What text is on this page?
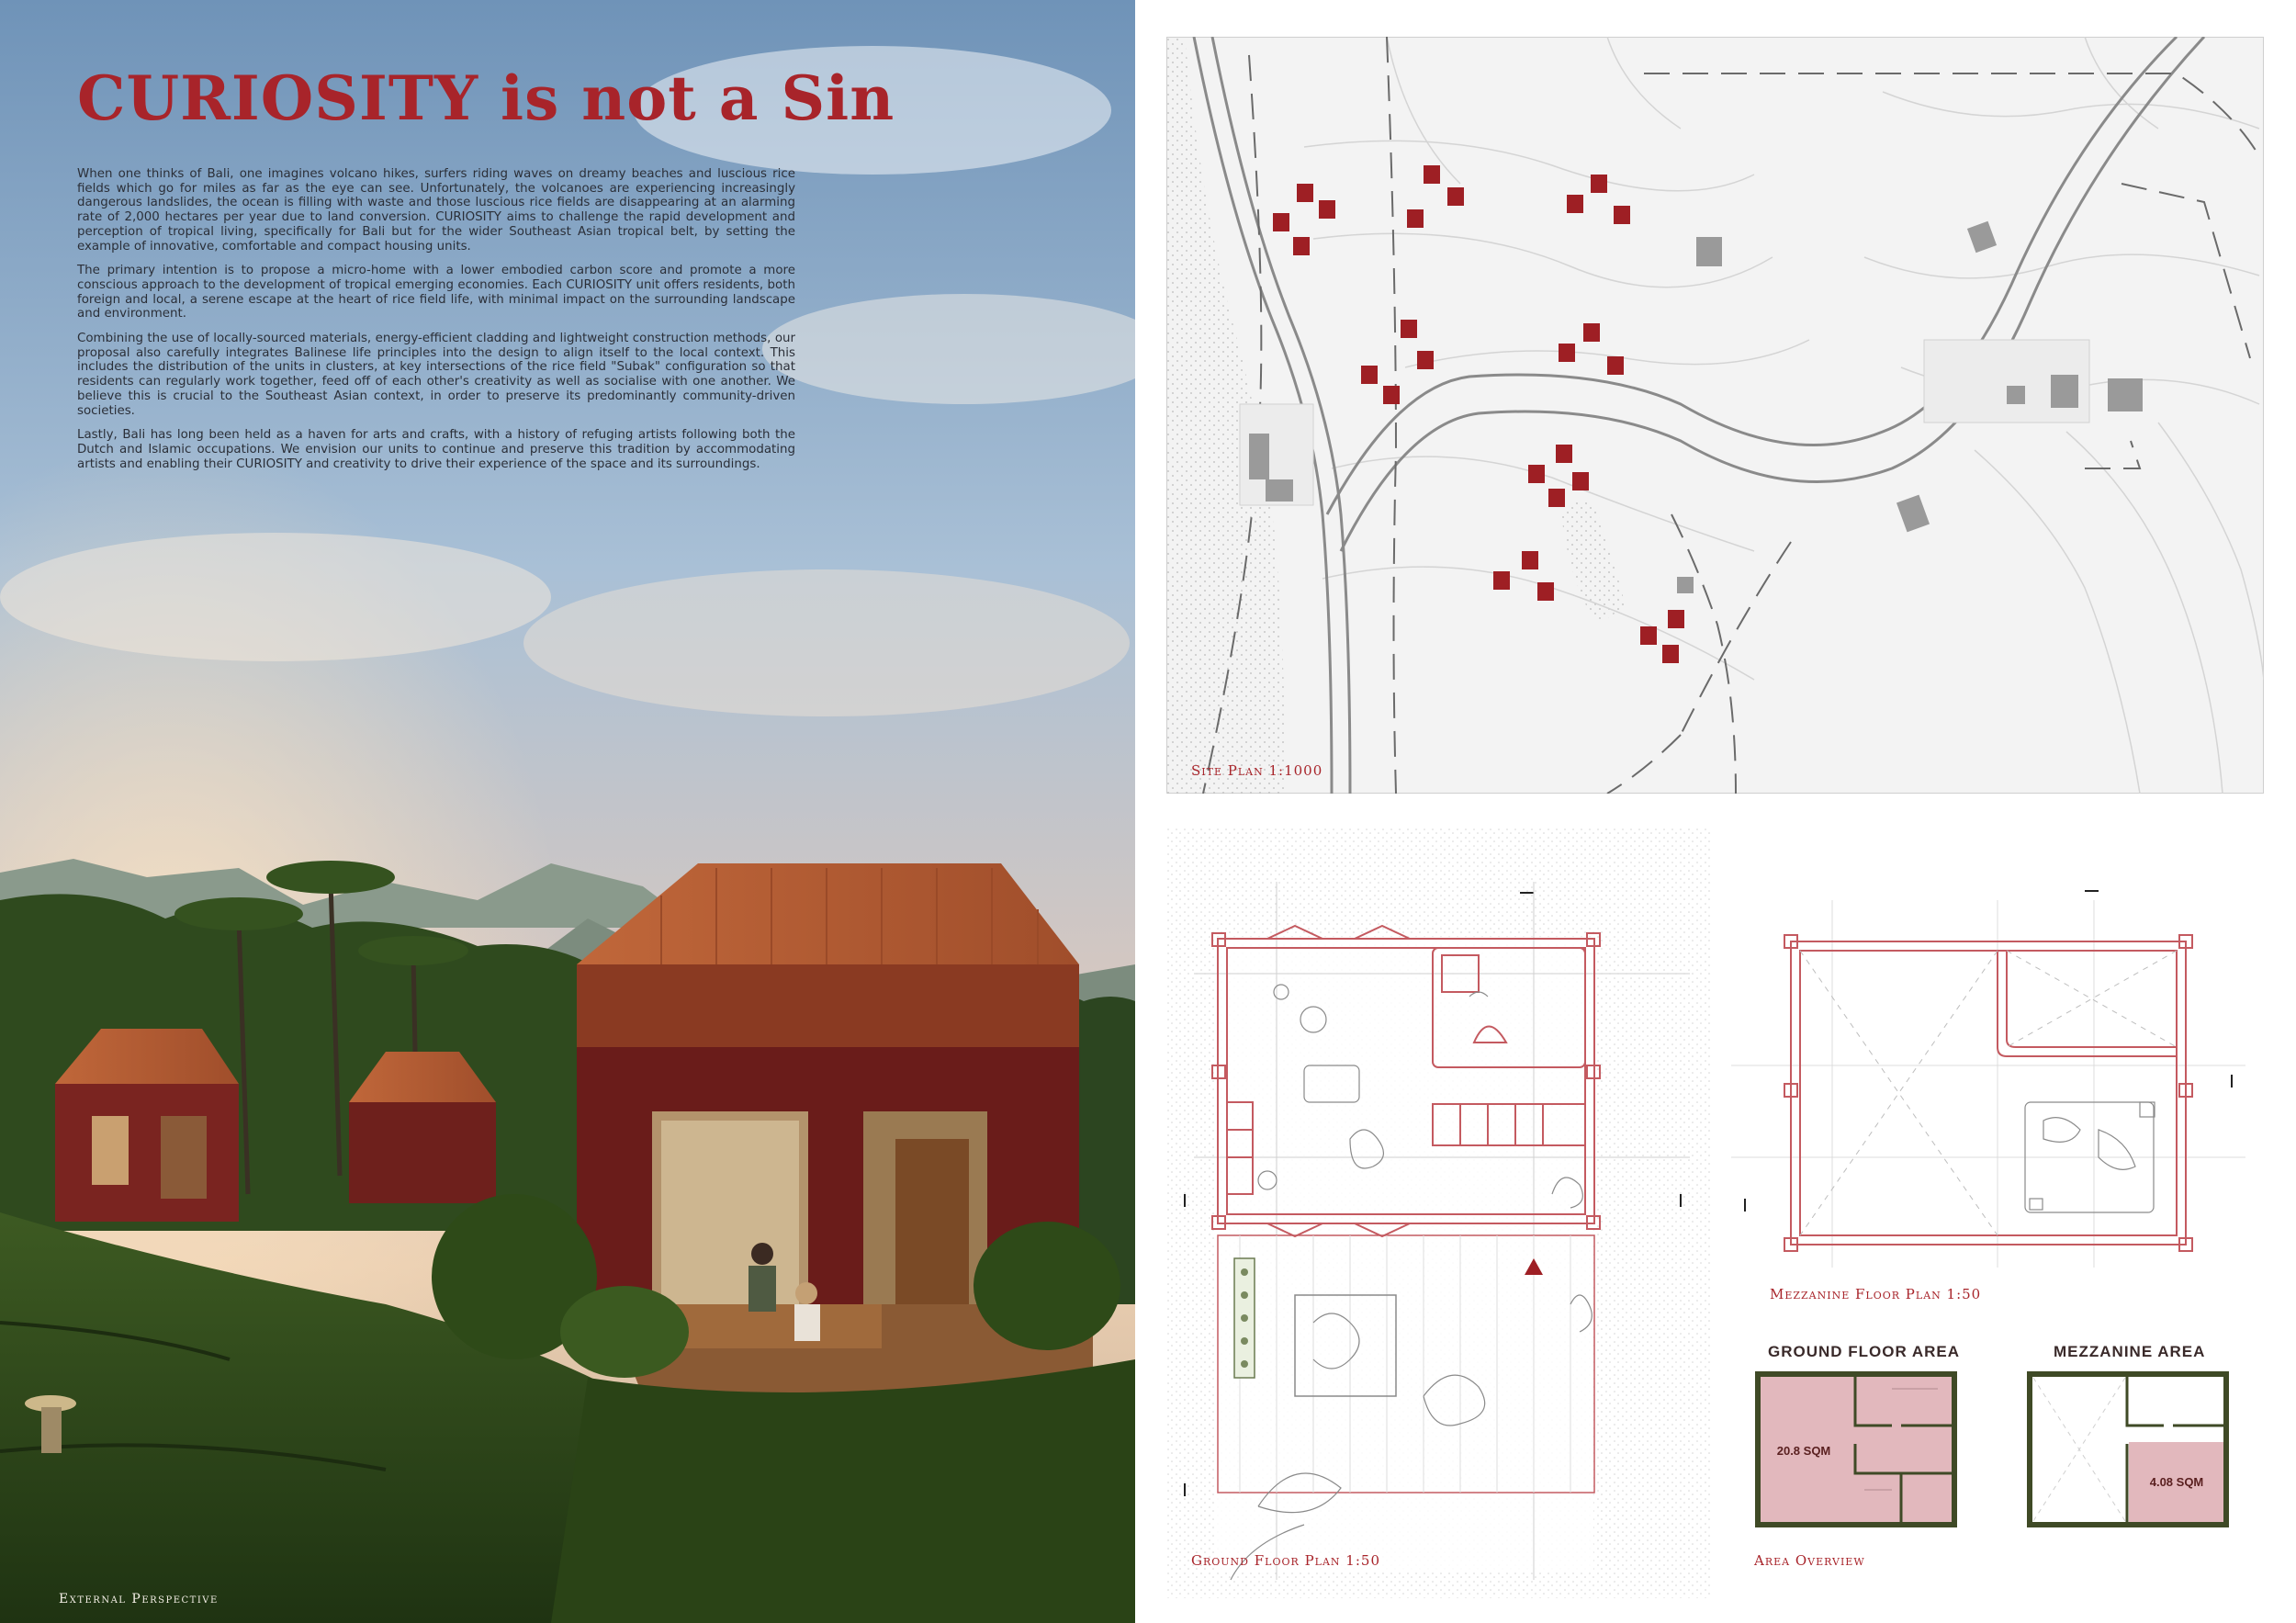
CURIOSITY is not a Sin

When one thinks of Bali, one imagines volcano hikes, surfers riding waves on dreamy beaches and luscious rice fields which go for miles as far as the eye can see. Unfortunately, the volcanoes are experiencing increasingly dangerous landslides, the ocean is filling with waste and those luscious rice fields are disappearing at an alarming rate of 2,000 hectares per year due to land conversion. CURIOSITY aims to challenge the rapid development and perception of tropical living, specifically for Bali but for the wider Southeast Asian tropical belt, by setting the example of innovative, comfortable and compact housing units.

The primary intention is to propose a micro-home with a lower embodied carbon score and promote a more conscious approach to the development of tropical emerging economies. Each CURIOSITY unit offers residents, both foreign and local, a serene escape at the heart of rice field life, with minimal impact on the surrounding landscape and environment.

Combining the use of locally-sourced materials, energy-efficient cladding and lightweight construction methods, our proposal also carefully integrates Balinese life principles into the design to align itself to the local context. This includes the distribution of the units in clusters, at key intersections of the rice field "Subak" configuration so that residents can regularly work together, feed off of each other's creativity as well as socialise with one another. We believe this is crucial to the Southeast Asian context, in order to preserve its predominantly community-driven societies.

Lastly, Bali has long been held as a haven for arts and crafts, with a history of refuging artists following both the Dutch and Islamic occupations. We envision our units to continue and preserve this tradition by accommodating artists and enabling their CURIOSITY and creativity to drive their experience of the space and its surroundings.

External Perspective
Site Plan 1:1000
Ground Floor Plan 1:50
Mezzanine Floor Plan 1:50
GROUND FLOOR AREA
20.8 SQM
MEZZANINE AREA
4.08 SQM
Area Overview
